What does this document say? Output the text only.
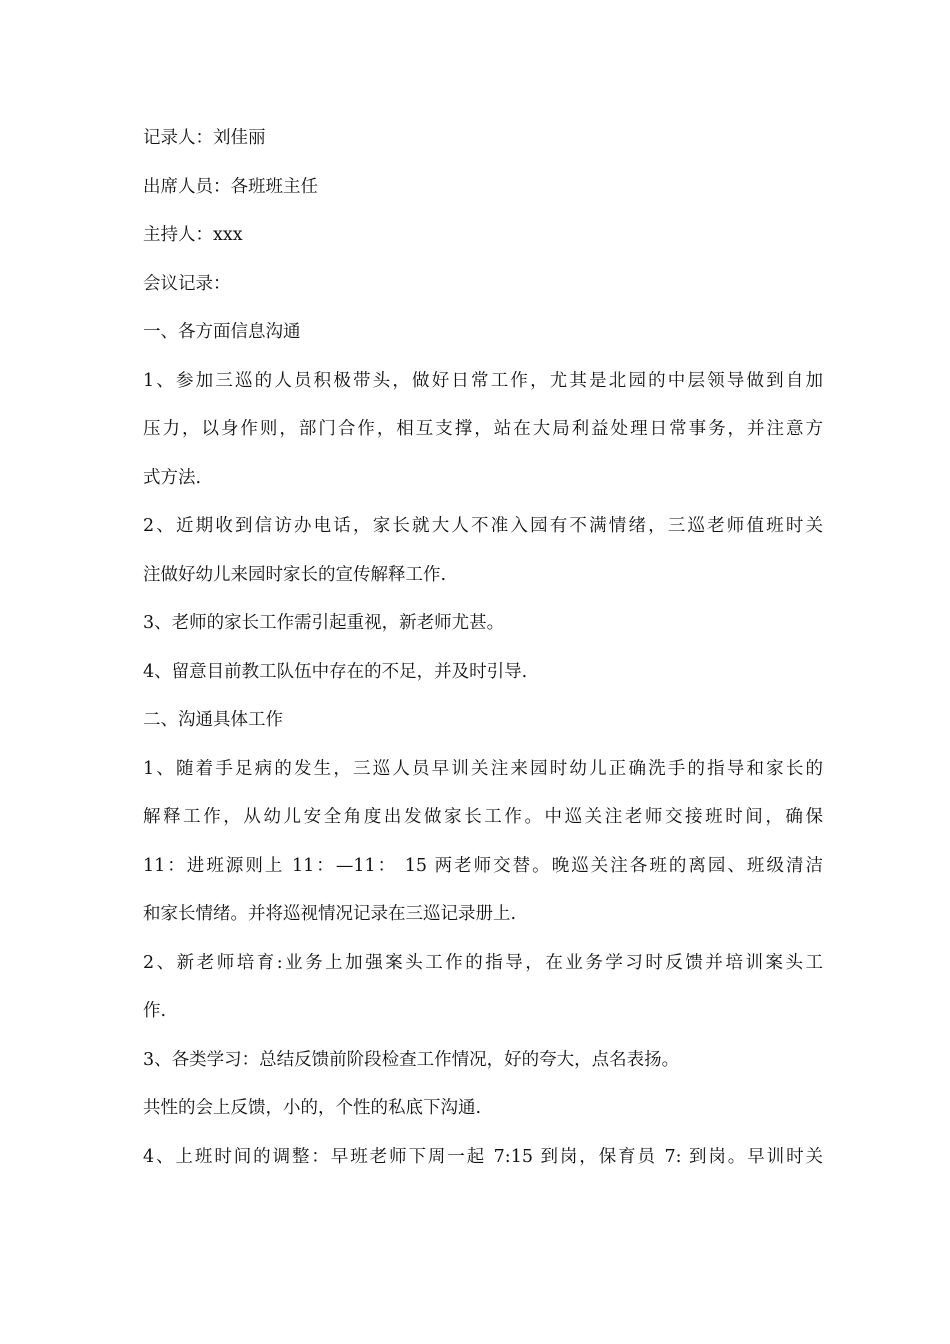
记录人：刘佳丽
出席人员：各班班主任
主持人：xxx
会议记录：
一、各方面信息沟通
1、参加三巡的人员积极带头，做好日常工作，尤其是北园的中层领导做到自加
压力，以身作则，部门合作，相互支撑，站在大局利益处理日常事务，并注意方
式方法.
2、近期收到信访办电话，家长就大人不准入园有不满情绪，三巡老师值班时关
注做好幼儿来园时家长的宣传解释工作.
3、老师的家长工作需引起重视，新老师尤甚。
4、留意目前教工队伍中存在的不足，并及时引导.
二、沟通具体工作
1、随着手足病的发生，三巡人员早训关注来园时幼儿正确洗手的指导和家长的
解释工作，从幼儿安全角度出发做家长工作。中巡关注老师交接班时间，确保
11：进班源则上 11：—11： 15 两老师交替。晚巡关注各班的离园、班级清洁
和家长情绪。并将巡视情况记录在三巡记录册上.
2、新老师培育:业务上加强案头工作的指导，在业务学习时反馈并培训案头工
作.
3、各类学习：总结反馈前阶段检查工作情况，好的夸大，点名表扬。
共性的会上反馈，小的，个性的私底下沟通.
4、上班时间的调整：早班老师下周一起 7:15 到岗，保育员 7: 到岗。早训时关
